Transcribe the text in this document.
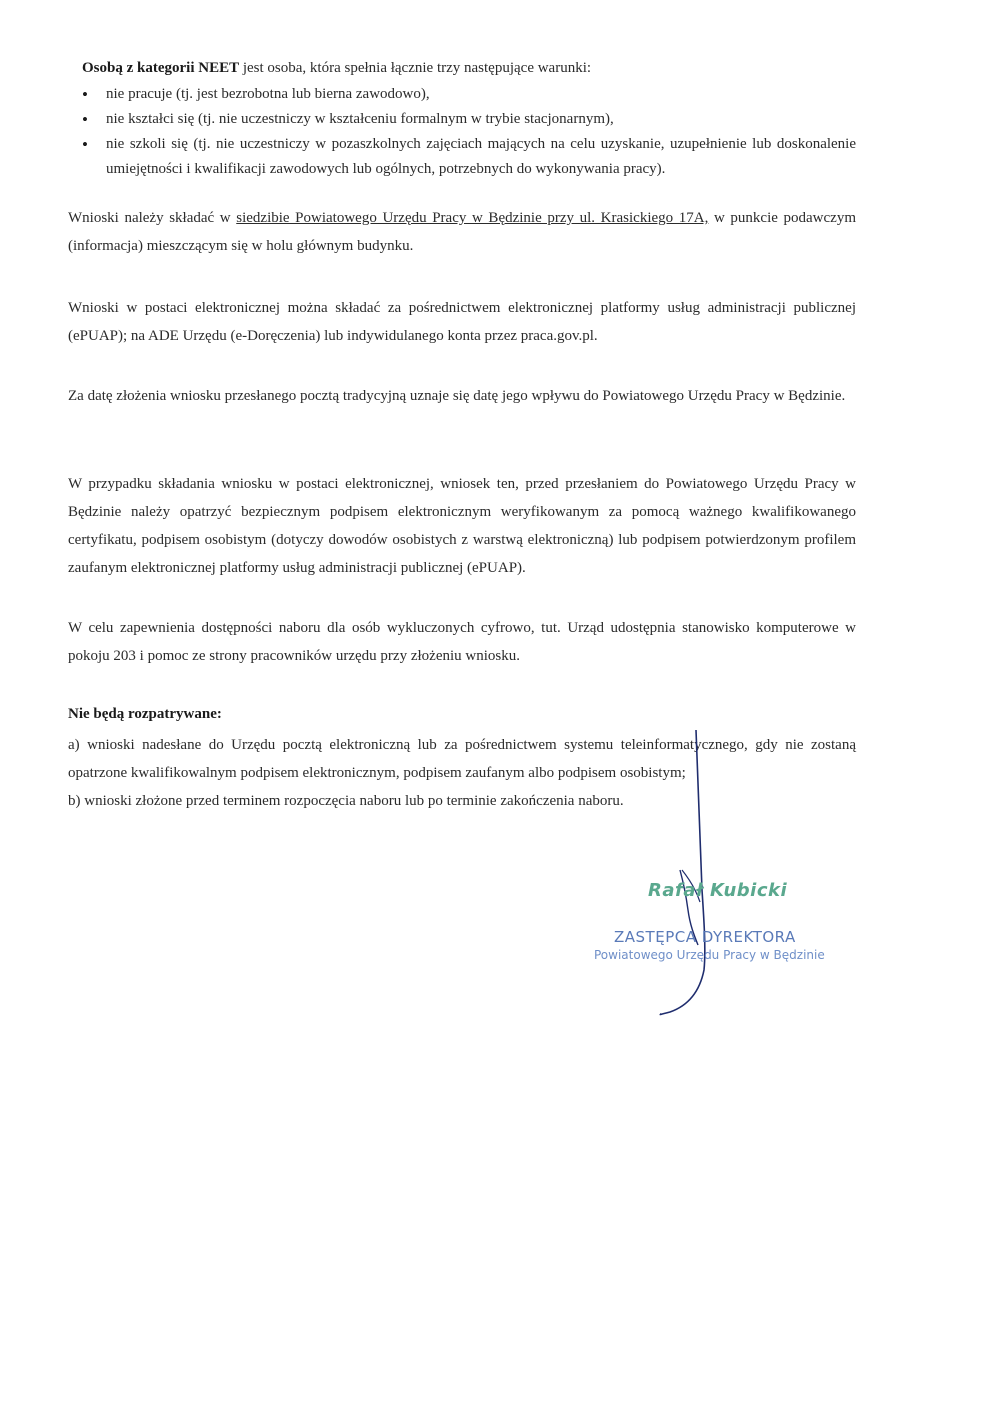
Osobą z kategorii NEET jest osoba, która spełnia łącznie trzy następujące warunki:
• nie pracuje (tj. jest bezrobotna lub bierna zawodowo),
• nie kształci się (tj. nie uczestniczy w kształceniu formalnym w trybie stacjonarnym),
• nie szkoli się (tj. nie uczestniczy w pozaszkolnych zajęciach mających na celu uzyskanie, uzupełnienie lub doskonalenie umiejętności i kwalifikacji zawodowych lub ogólnych, potrzebnych do wykonywania pracy).
Wnioski należy składać w siedzibie Powiatowego Urzędu Pracy w Będzinie przy ul. Krasickiego 17A, w punkcie podawczym (informacja) mieszczącym się w holu głównym budynku.
Wnioski w postaci elektronicznej można składać za pośrednictwem elektronicznej platformy usług administracji publicznej (ePUAP); na ADE Urzędu (e-Doręczenia) lub indywidulanego konta przez praca.gov.pl.
Za datę złożenia wniosku przesłanego pocztą tradycyjną uznaje się datę jego wpływu do Powiatowego Urzędu Pracy w Będzinie.
W przypadku składania wniosku w postaci elektronicznej, wniosek ten, przed przesłaniem do Powiatowego Urzędu Pracy w Będzinie należy opatrzyć bezpiecznym podpisem elektronicznym weryfikowanym za pomocą ważnego kwalifikowanego certyfikatu, podpisem osobistym (dotyczy dowodów osobistych z warstwą elektroniczną) lub podpisem potwierdzonym profilem zaufanym elektronicznej platformy usług administracji publicznej (ePUAP).
W celu zapewnienia dostępności naboru dla osób wykluczonych cyfrowo, tut. Urząd udostępnia stanowisko komputerowe w pokoju 203 i pomoc ze strony pracowników urzędu przy złożeniu wniosku.
Nie będą rozpatrywane:
a) wnioski nadesłane do Urzędu pocztą elektroniczną lub za pośrednictwem systemu teleinformatycznego, gdy nie zostaną opatrzone kwalifikowalnym podpisem elektronicznym, podpisem zaufanym albo podpisem osobistym;
b) wnioski złożone przed terminem rozpoczęcia naboru lub po terminie zakończenia naboru.
Rafał Kubicki
ZASTĘPCA DYREKTORA
Powiatowego Urzędu Pracy w Będzinie
